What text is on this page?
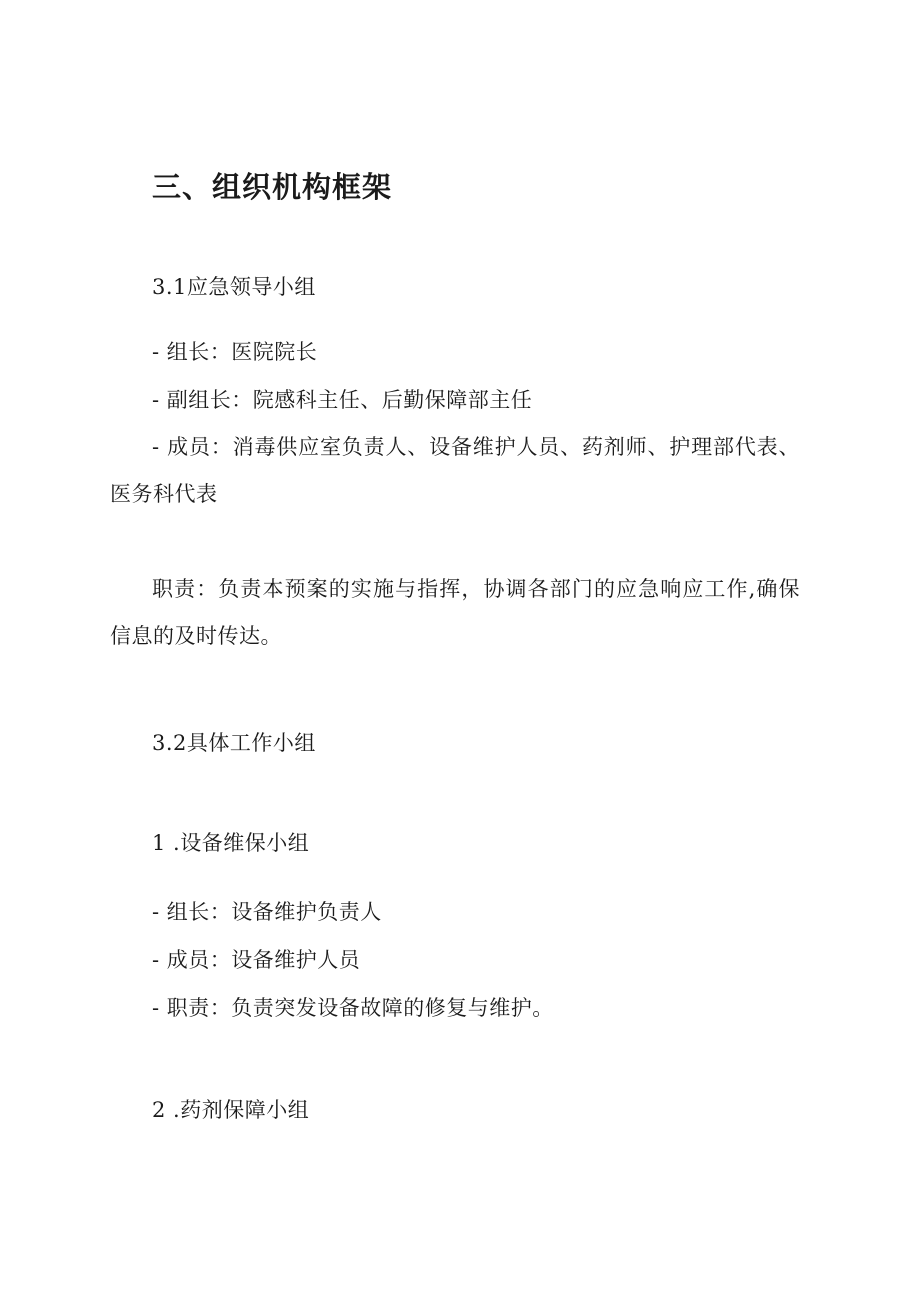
三、组织机构框架
3.1应急领导小组
- 组长：医院院长
- 副组长：院感科主任、后勤保障部主任
- 成员：消毒供应室负责人、设备维护人员、药剂师、护理部代表、医务科代表
职责：负责本预案的实施与指挥，协调各部门的应急响应工作,确保信息的及时传达。
3.2具体工作小组
1 .设备维保小组
- 组长：设备维护负责人
- 成员：设备维护人员
- 职责：负责突发设备故障的修复与维护。
2 .药剂保障小组
